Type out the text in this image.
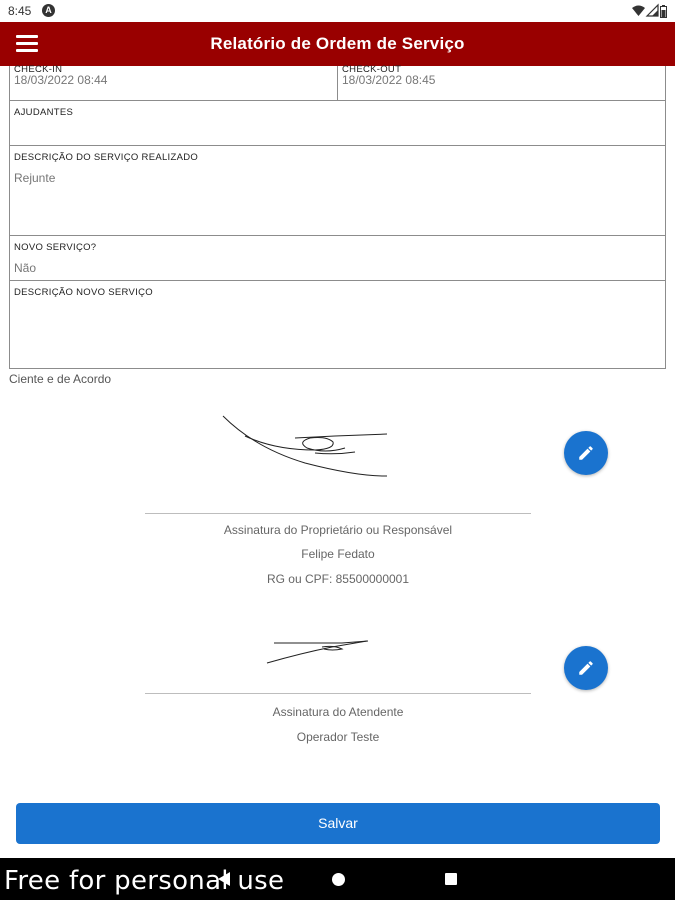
8:45	A
Relatório de Ordem de Serviço
CHECK-IN
18/03/2022 08:44
CHECK-OUT
18/03/2022 08:45
AJUDANTES
DESCRIÇÃO DO SERVIÇO REALIZADO
Rejunte
NOVO SERVIÇO?
Não
DESCRIÇÃO NOVO SERVIÇO
Ciente e de Acordo
Assinatura do Proprietário ou Responsável
Felipe Fedato
RG ou CPF: 85500000001
Assinatura do Atendente
Operador Teste
Salvar
Free for personal use
